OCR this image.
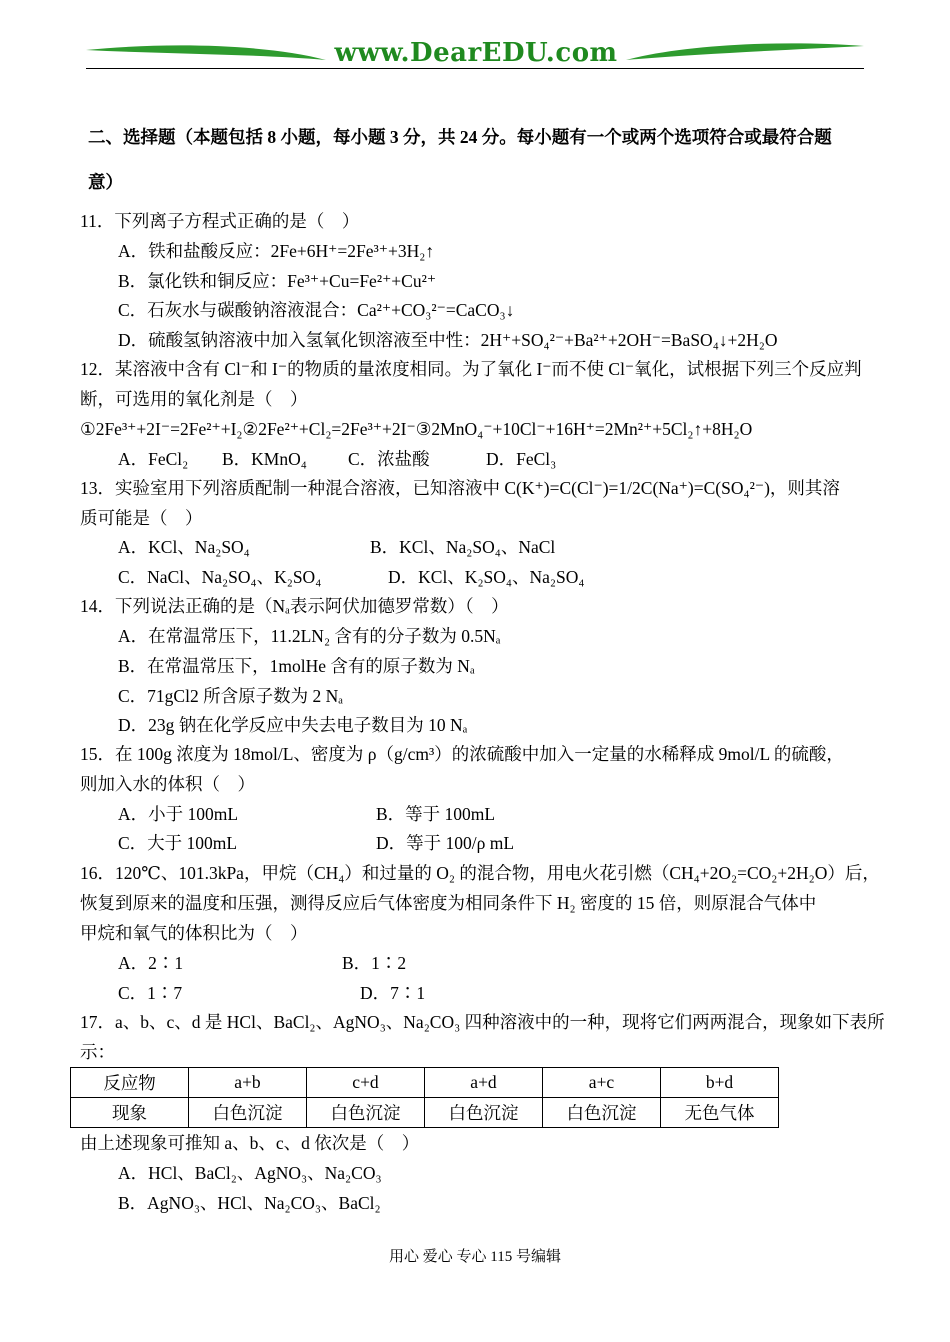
www.DearEDU.com
二、选择题（本题包括 8 小题，每小题 3 分，共 24 分。每小题有一个或两个选项符合或最符合题
意）
11．下列离子方程式正确的是（　）
A．铁和盐酸反应：2Fe+6H⁺=2Fe³⁺+3H₂↑
B．氯化铁和铜反应：Fe³⁺+Cu=Fe²⁺+Cu²⁺
C．石灰水与碳酸钠溶液混合：Ca²⁺+CO₃²⁻=CaCO₃↓
D．硫酸氢钠溶液中加入氢氧化钡溶液至中性：2H⁺+SO₄²⁻+Ba²⁺+2OH⁻=BaSO₄↓+2H₂O
12．某溶液中含有 Cl⁻和 I⁻的物质的量浓度相同。为了氧化 I⁻而不使 Cl⁻氧化，试根据下列三个反应判
断，可选用的氧化剂是（　）
①2Fe³⁺+2I⁻=2Fe²⁺+I₂②2Fe²⁺+Cl₂=2Fe³⁺+2I⁻③2MnO₄⁻+10Cl⁻+16H⁺=2Mn²⁺+5Cl₂↑+8H₂O
A．FeCl₂ B．KMnO₄ C．浓盐酸	D．FeCl₃
13．实验室用下列溶质配制一种混合溶液，已知溶液中 C(K⁺)=C(Cl⁻)=1/2C(Na⁺)=C(SO₄²⁻)，则其溶
质可能是（　）
A．KCl、Na₂SO₄	B．KCl、Na₂SO₄、NaCl
C．NaCl、Na₂SO₄、K₂SO₄	D．KCl、K₂SO₄、Na₂SO₄
14．下列说法正确的是（Nₐ表示阿伏加德罗常数）（　）
A．在常温常压下，11.2LN₂ 含有的分子数为 0.5Nₐ
B．在常温常压下，1molHe 含有的原子数为 Nₐ
C．71gCl2 所含原子数为 2 Nₐ
D．23g 钠在化学反应中失去电子数目为 10 Nₐ
15．在 100g 浓度为 18mol/L、密度为 ρ（g/cm³）的浓硫酸中加入一定量的水稀释成 9mol/L 的硫酸，
则加入水的体积（　）
A．小于 100mL	B．等于 100mL
C．大于 100mL	D．等于 100/ρ mL
16．120℃、101.3kPa，甲烷（CH₄）和过量的 O₂ 的混合物，用电火花引燃（CH₄+2O₂=CO₂+2H₂O）后，
恢复到原来的温度和压强，测得反应后气体密度为相同条件下 H₂ 密度的 15 倍，则原混合气体中
甲烷和氧气的体积比为（　）
A．2∶1	B．1∶2
C．1∶7	D．7∶1
17．a、b、c、d 是 HCl、BaCl₂、AgNO₃、Na₂CO₃ 四种溶液中的一种，现将它们两两混合，现象如下表所
示：
反应物	a+b	c+d	a+d	a+c	b+d
现象	白色沉淀	白色沉淀	白色沉淀	白色沉淀	无色气体
由上述现象可推知 a、b、c、d 依次是（　）
A．HCl、BaCl₂、AgNO₃、Na₂CO₃
B．AgNO₃、HCl、Na₂CO₃、BaCl₂
用心 爱心 专心 115 号编辑
